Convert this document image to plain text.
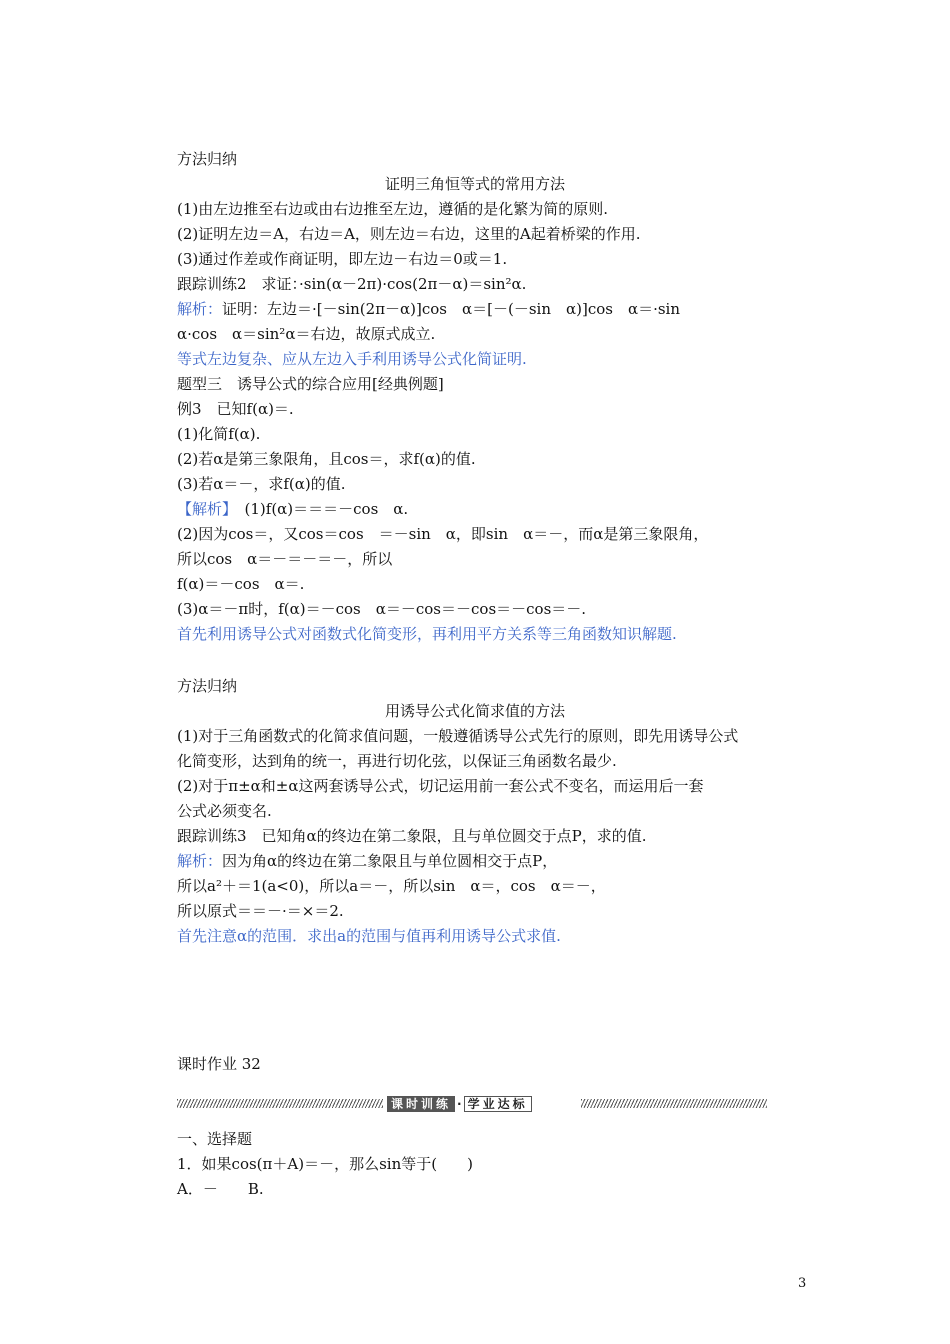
方法归纳
证明三角恒等式的常用方法
(1)由左边推至右边或由右边推至左边，遵循的是化繁为简的原则.
(2)证明左边＝A，右边＝A，则左边＝右边，这里的A起着桥梁的作用.
(3)通过作差或作商证明，即左边－右边＝0或＝1.
跟踪训练2　求证：·sin(α－2π)·cos(2π－α)＝sin²α.
解析：证明：左边＝·[－sin(2π－α)]cos　α＝[－(－sin　α)]cos　α＝·sin
α·cos　α＝sin²α＝右边，故原式成立.
等式左边复杂、应从左边入手利用诱导公式化简证明.
题型三　诱导公式的综合应用[经典例题]
例3　已知f(α)＝.
(1)化简f(α).
(2)若α是第三象限角，且cos＝，求f(α)的值.
(3)若α＝－，求f(α)的值.
【解析】　(1)f(α)＝＝＝－cos　α.
(2)因为cos＝，又cos＝cos　＝－sin　α，即sin　α＝－，而α是第三象限角，
所以cos　α＝－＝－＝－，所以
f(α)＝－cos　α＝.
(3)α＝－π时，f(α)＝－cos　α＝－cos＝－cos＝－cos＝－.
首先利用诱导公式对函数式化简变形，再利用平方关系等三角函数知识解题.
方法归纳
用诱导公式化简求值的方法
(1)对于三角函数式的化简求值问题，一般遵循诱导公式先行的原则，即先用诱导公式
化简变形，达到角的统一，再进行切化弦，以保证三角函数名最少.
(2)对于π±α和±α这两套诱导公式，切记运用前一套公式不变名，而运用后一套
公式必须变名.
跟踪训练3　已知角α的终边在第二象限，且与单位圆交于点P，求的值.
解析：因为角α的终边在第二象限且与单位圆相交于点P，
所以a²＋＝1(a<0)，所以a＝－，所以sin　α＝，cos　α＝－，
所以原式＝＝－·＝×＝2.
首先注意α的范围．求出a的范围与值再利用诱导公式求值.
课时作业 32
课时训练 · 学业达标
一、选择题
1．如果cos(π＋A)＝－，那么sin等于(　　)
A．－　　B.
3
